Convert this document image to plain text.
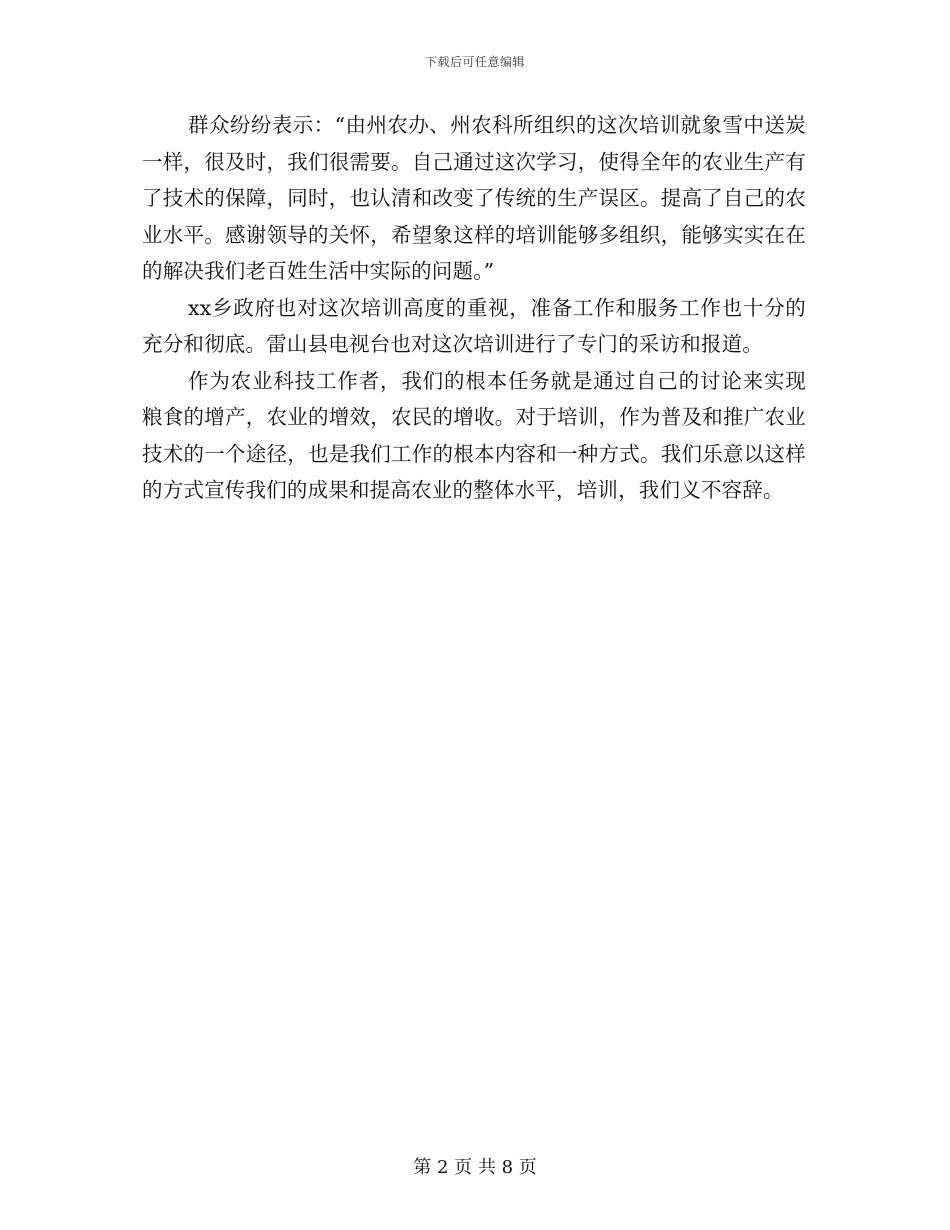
下载后可任意编辑

群众纷纷表示：“由州农办、州农科所组织的这次培训就象雪中送炭一样，很及时，我们很需要。自己通过这次学习，使得全年的农业生产有了技术的保障，同时，也认清和改变了传统的生产误区。提高了自己的农业水平。感谢领导的关怀，希望象这样的培训能够多组织，能够实实在在的解决我们老百姓生活中实际的问题。”

xx乡政府也对这次培训高度的重视，准备工作和服务工作也十分的充分和彻底。雷山县电视台也对这次培训进行了专门的采访和报道。

作为农业科技工作者，我们的根本任务就是通过自己的讨论来实现粮食的增产，农业的增效，农民的增收。对于培训，作为普及和推广农业技术的一个途径，也是我们工作的根本内容和一种方式。我们乐意以这样的方式宣传我们的成果和提高农业的整体水平，培训，我们义不容辞。

第 2 页 共 8 页
